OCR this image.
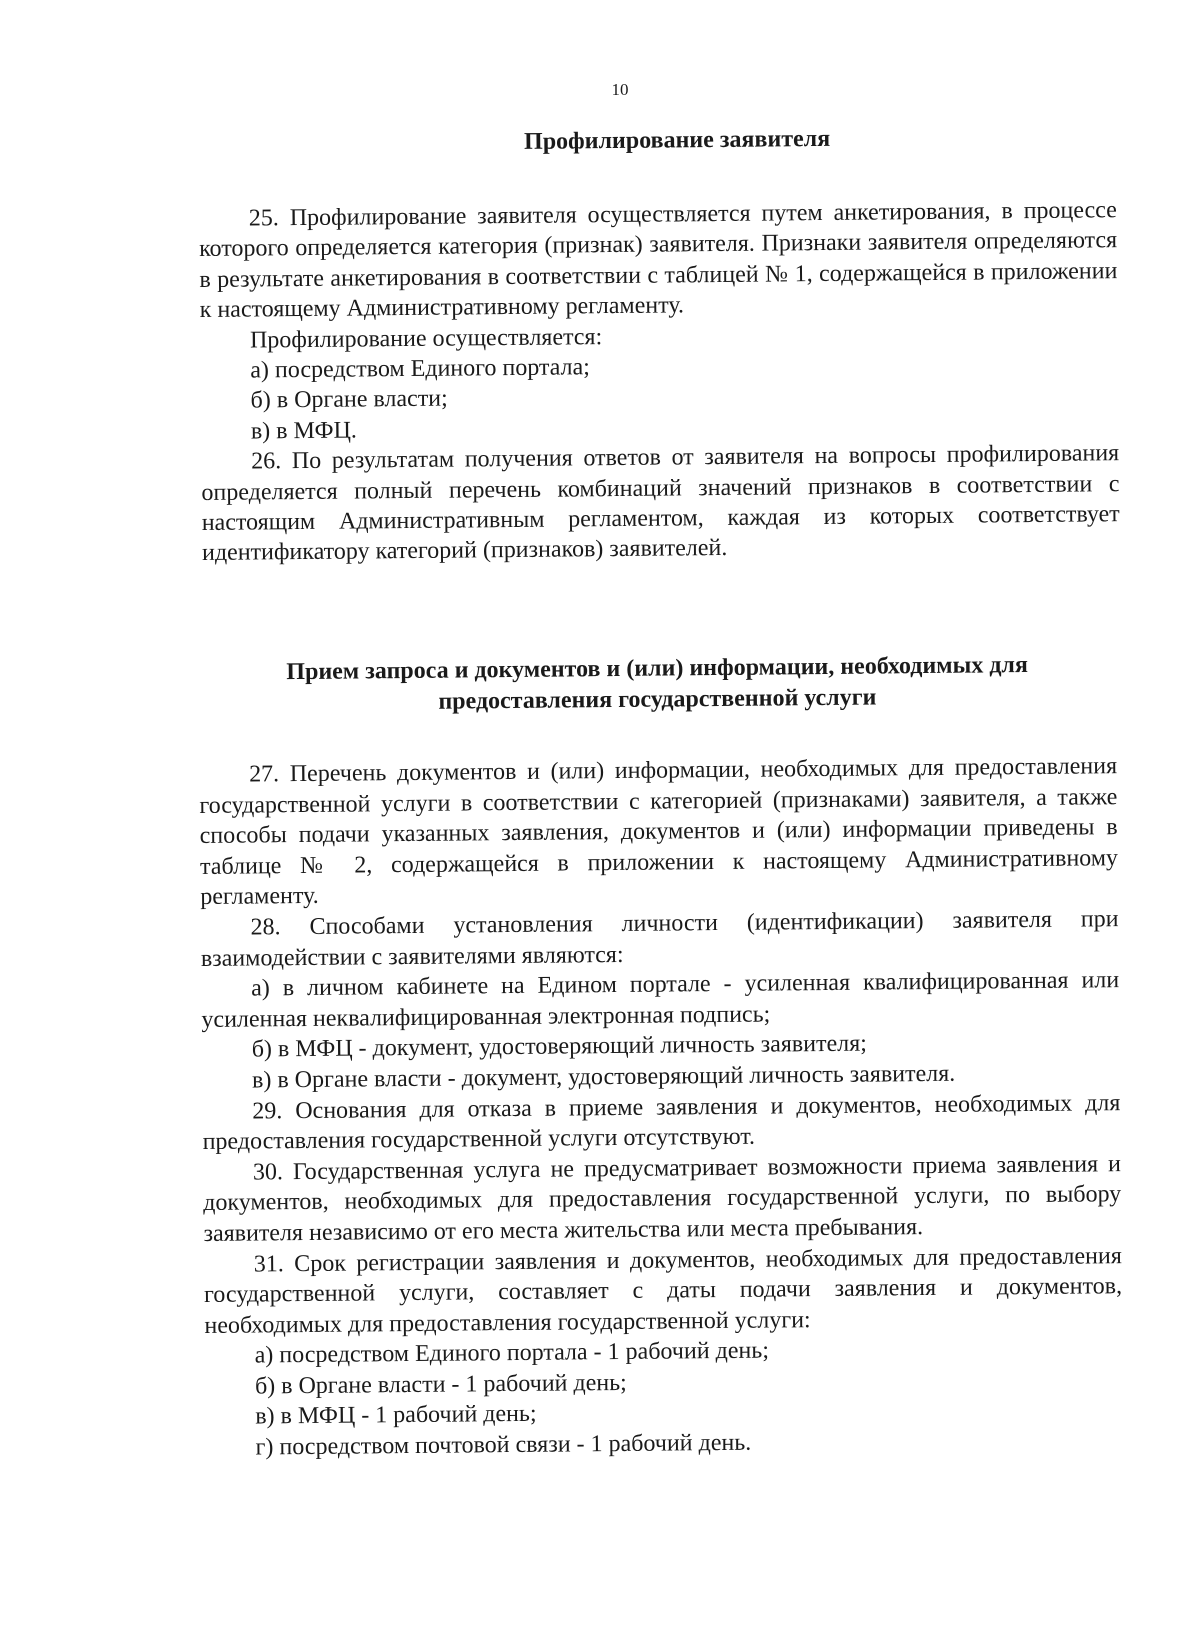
10
Профилирование заявителя

25. Профилирование заявителя осуществляется путем анкетирования, в процессе которого определяется категория (признак) заявителя. Признаки заявителя определяются в результате анкетирования в соответствии с таблицей № 1, содержащейся в приложении к настоящему Административному регламенту.

Профилирование осуществляется:

а) посредством Единого портала;

б) в Органе власти;

в) в МФЦ.

26. По результатам получения ответов от заявителя на вопросы профилирования определяется полный перечень комбинаций значений признаков в соответствии с настоящим Административным регламентом, каждая из которых соответствует идентификатору категорий (признаков) заявителей.

Прием запроса и документов и (или) информации, необходимых для предоставления государственной услуги

27. Перечень документов и (или) информации, необходимых для предоставления государственной услуги в соответствии с категорией (признаками) заявителя, а также способы подачи указанных заявления, документов и (или) информации приведены в таблице № 2, содержащейся в приложении к настоящему Административному регламенту.

28. Способами установления личности (идентификации) заявителя при взаимодействии с заявителями являются:

а) в личном кабинете на Едином портале - усиленная квалифицированная или усиленная неквалифицированная электронная подпись;

б) в МФЦ - документ, удостоверяющий личность заявителя;

в) в Органе власти - документ, удостоверяющий личность заявителя.

29. Основания для отказа в приеме заявления и документов, необходимых для предоставления государственной услуги отсутствуют.

30. Государственная услуга не предусматривает возможности приема заявления и документов, необходимых для предоставления государственной услуги, по выбору заявителя независимо от его места жительства или места пребывания.

31. Срок регистрации заявления и документов, необходимых для предоставления государственной услуги, составляет с даты подачи заявления и документов, необходимых для предоставления государственной услуги:

а) посредством Единого портала - 1 рабочий день;

б) в Органе власти - 1 рабочий день;

в) в МФЦ - 1 рабочий день;

г) посредством почтовой связи - 1 рабочий день.
